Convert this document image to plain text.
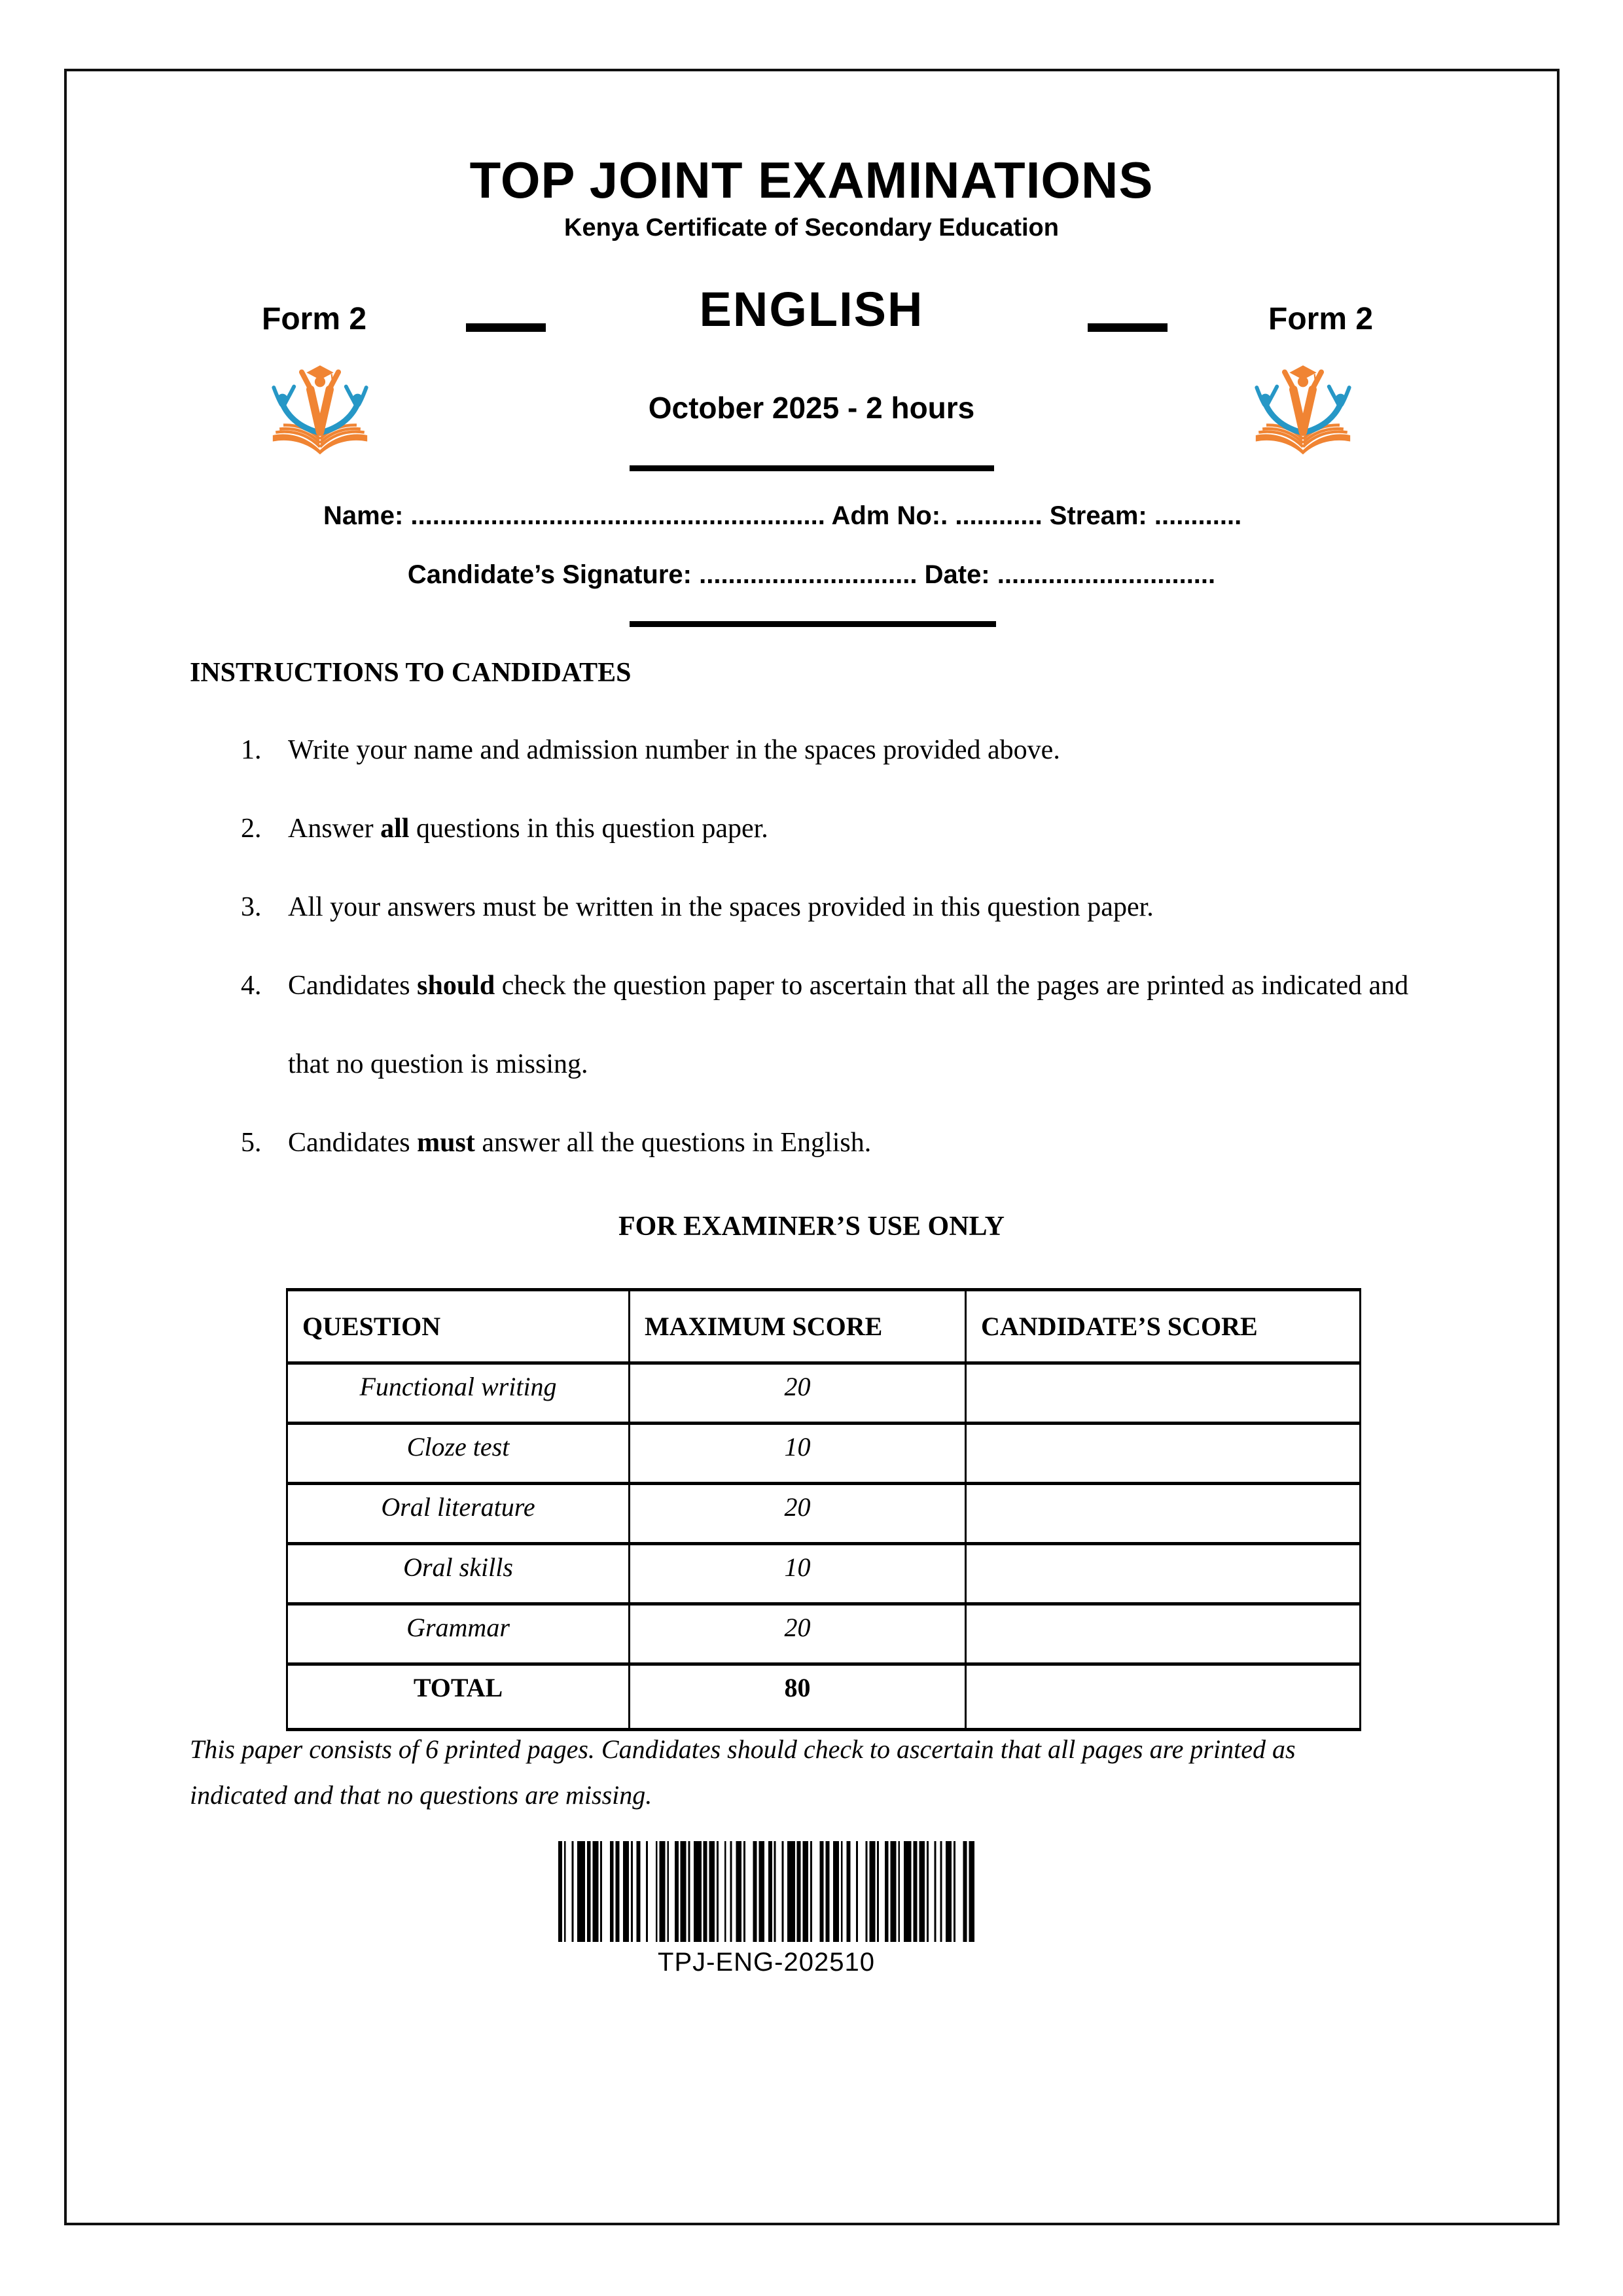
TOP JOINT EXAMINATIONS
Kenya Certificate of Secondary Education
Form 2	ENGLISH	Form 2
October 2025 - 2 hours
Name: ......................................................... Adm No:. ............ Stream: ............
Candidate’s Signature: .............................. Date: ..............................
INSTRUCTIONS TO CANDIDATES
1. Write your name and admission number in the spaces provided above.
2. Answer all questions in this question paper.
3. All your answers must be written in the spaces provided in this question paper.
4. Candidates should check the question paper to ascertain that all the pages are printed as indicated and that no question is missing.
5. Candidates must answer all the questions in English.
FOR EXAMINER’S USE ONLY
QUESTION	MAXIMUM SCORE	CANDIDATE’S SCORE
Functional writing	20	
Cloze test	10	
Oral literature	20	
Oral skills	10	
Grammar	20	
TOTAL	80	
This paper consists of 6 printed pages. Candidates should check to ascertain that all pages are printed as indicated and that no questions are missing.
TPJ-ENG-202510
